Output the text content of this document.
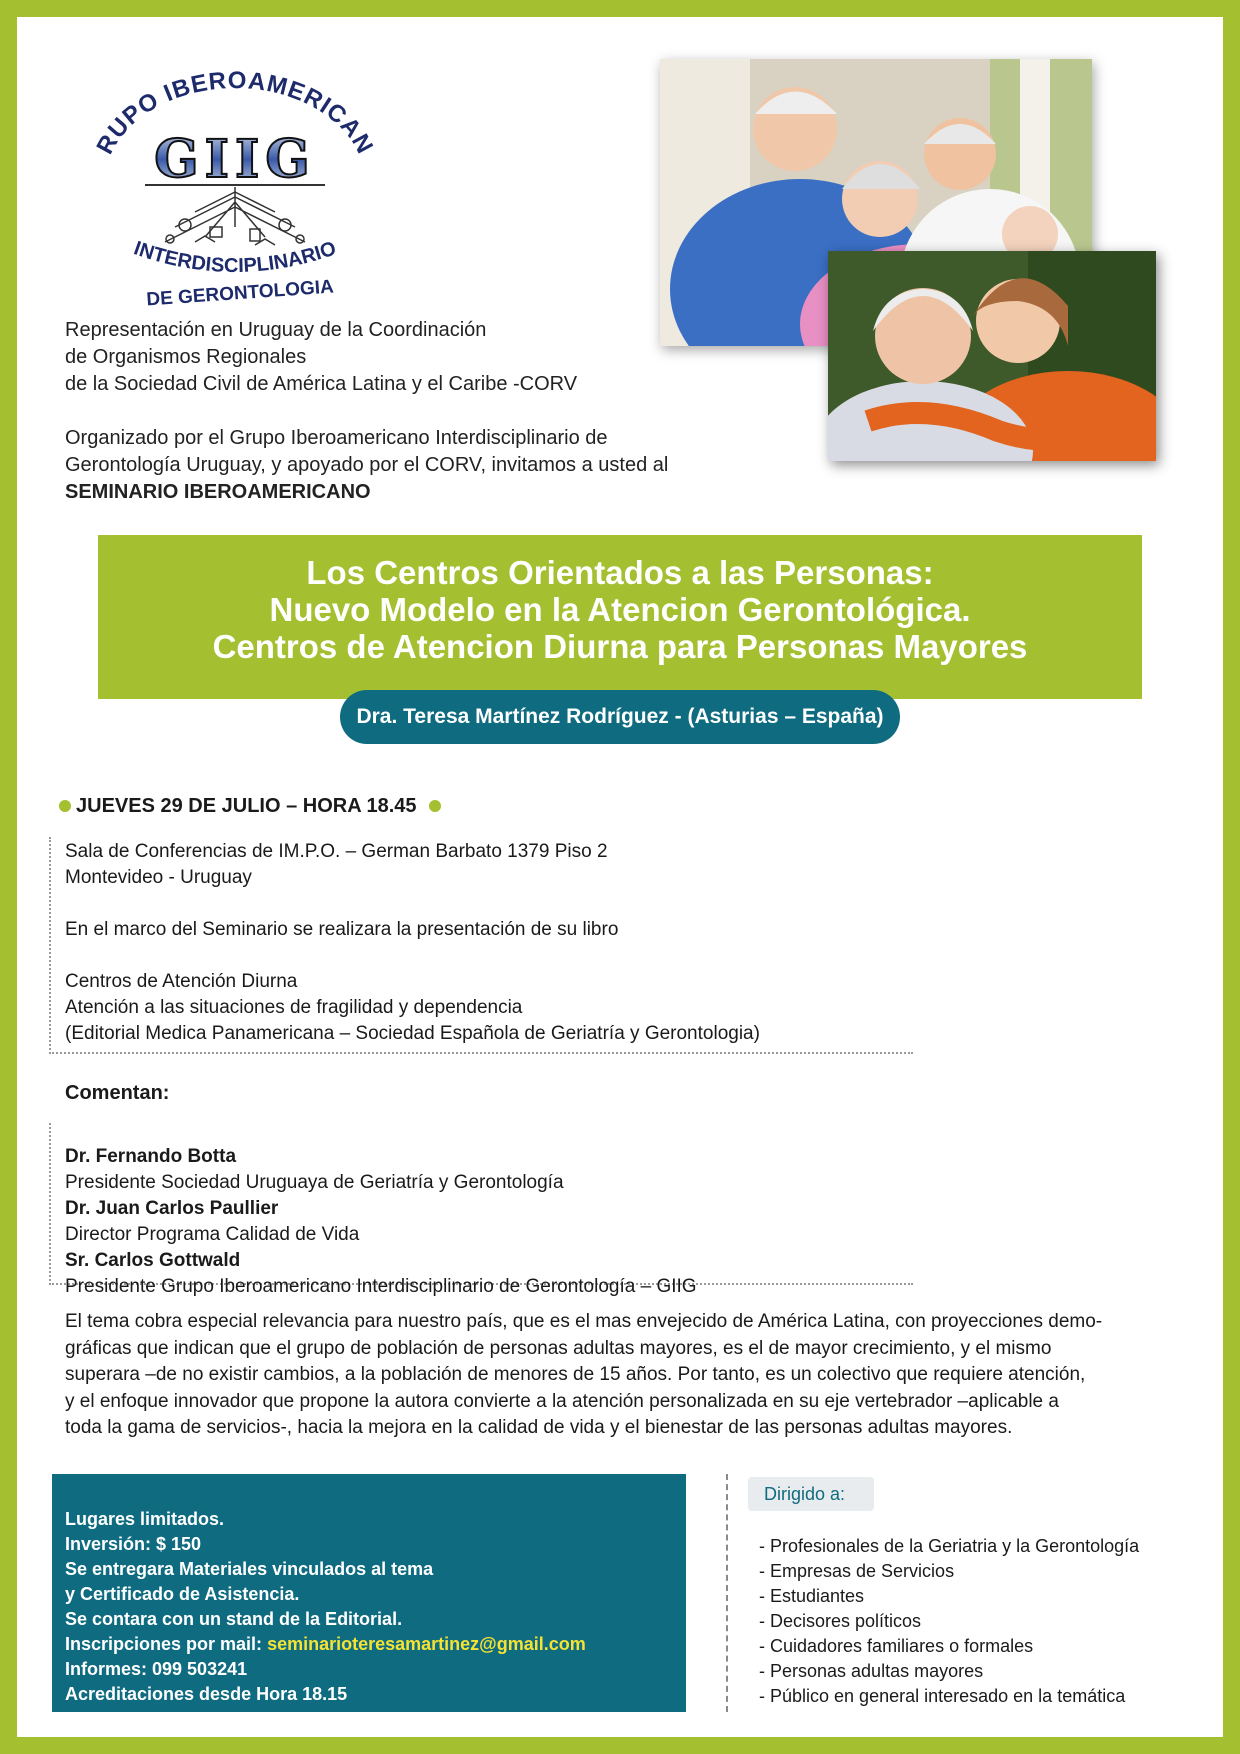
RUPO IBEROAMERICAN
GIIG
INTERDISCIPLINARIO
DE GERONTOLOGIA

Representación en Uruguay de la Coordinación

de Organismos Regionales

de la Sociedad Civil de América Latina y el Caribe -CORV

Organizado por el Grupo Iberoamericano Interdisciplinario de

Gerontología Uruguay, y apoyado por el CORV, invitamos a usted al

SEMINARIO IBEROAMERICANO

Los Centros Orientados a las Personas:
Nuevo Modelo en la Atencion Gerontológica.
Centros de Atencion Diurna para Personas Mayores
Dra. Teresa Martínez Rodríguez - (Asturias – España)
JUEVES 29 DE JULIO – HORA 18.45

Sala de Conferencias de IM.P.O. – German Barbato 1379 Piso 2

Montevideo - Uruguay

En el marco del Seminario se realizara la presentación de su libro

Centros de Atención Diurna

Atención a las situaciones de fragilidad y dependencia

(Editorial Medica Panamericana – Sociedad Española de Geriatría y Gerontologia)

Comentan:

Dr. Fernando Botta

Presidente Sociedad Uruguaya de Geriatría y Gerontología

Dr. Juan Carlos Paullier

Director Programa Calidad de Vida

Sr. Carlos Gottwald

Presidente Grupo Iberoamericano Interdisciplinario de Gerontología – GIIG

El tema cobra especial relevancia para nuestro país, que es el mas envejecido de América Latina, con proyecciones demo-

gráficas que indican que el grupo de población de personas adultas mayores, es el de mayor crecimiento, y el mismo

superara –de no existir cambios, a la población de menores de 15 años. Por tanto, es un colectivo que requiere atención,

y el enfoque innovador que propone la autora convierte a la atención personalizada en su eje vertebrador –aplicable a

toda la gama de servicios-, hacia la mejora en la calidad de vida y el bienestar de las personas adultas mayores.

Lugares limitados.

Inversión: $ 150

Se entregara Materiales vinculados al tema

y Certificado de Asistencia.

Se contara con un stand de la Editorial.

Inscripciones por mail: seminarioteresamartinez@gmail.com

Informes: 099 503241

Acreditaciones desde Hora 18.15

Dirigido a:

- Profesionales de la Geriatria y la Gerontología

- Empresas de Servicios

- Estudiantes

- Decisores políticos

- Cuidadores familiares o formales

- Personas adultas mayores

- Público en general interesado en la temática
